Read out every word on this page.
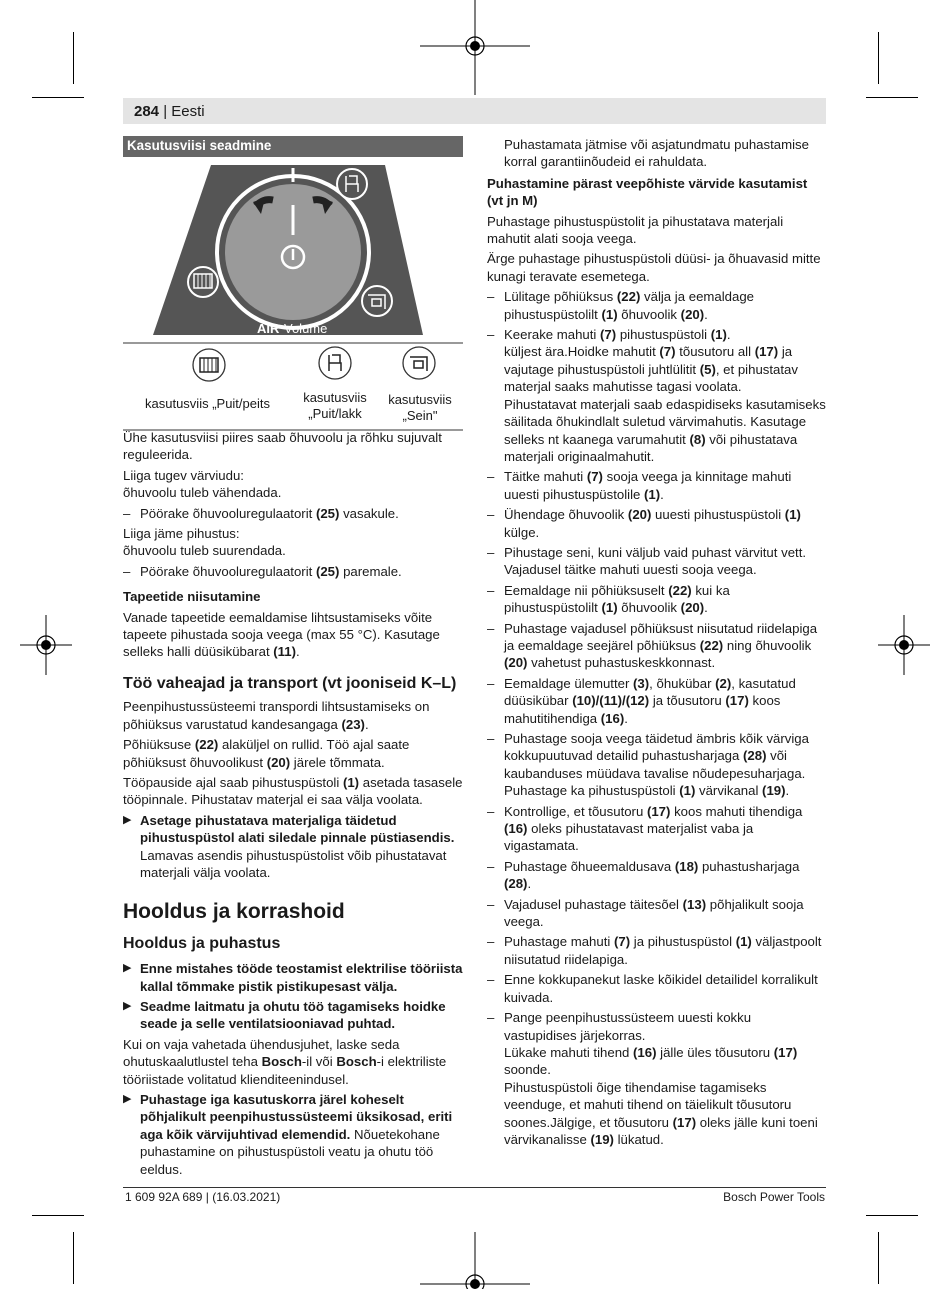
284 | Eesti
Kasutusviisi seadmine
AIR Volume
kasutusviis „Puit/peits	kasutusviis
„Puit/lakk
kasutusviis
„Sein"

Ühe kasutusviisi piires saab õhuvoolu ja rõhku sujuvalt reguleerida.

Liiga tugev värviudu:

õhuvoolu tuleb vähendada.

– Pöörake õhuvooluregulaatorit (25) vasakule.

Liiga jäme pihustus:

õhuvoolu tuleb suurendada.

– Pöörake õhuvooluregulaatorit (25) paremale.
Tapeetide niisutamine

Vanade tapeetide eemaldamise lihtsustamiseks võite tapeete pihustada sooja veega (max 55 °C). Kasutage selleks halli düüsikübarat (11).

Töö vaheajad ja transport (vt jooniseid K–L)

Peenpihustussüsteemi transpordi lihtsustamiseks on põhiüksus varustatud kandesangaga (23).

Põhiüksuse (22) alaküljel on rullid. Töö ajal saate põhiüksust õhuvoolikust (20) järele tõmmata.

Tööpauside ajal saab pihustuspüstoli (1) asetada tasasele tööpinnale. Pihustatav materjal ei saa välja voolata.

▶ Asetage pihustatava materjaliga täidetud pihustuspüstol alati siledale pinnale püstiasendis. Lamavas asendis pihustuspüstolist võib pihustatavat materjali välja voolata.
Hooldus ja korrashoid
Hooldus ja puhastus
▶ Enne mistahes tööde teostamist elektrilise tööriista kallal tõmmake pistik pistikupesast välja.
▶ Seadme laitmatu ja ohutu töö tagamiseks hoidke seade ja selle ventilatsiooniavad puhtad.

Kui on vaja vahetada ühendusjuhet, laske seda ohutuskaalutlustel teha Bosch-il või Bosch-i elektriliste tööriistade volitatud klienditeenindusel.

▶ Puhastage iga kasutuskorra järel koheselt põhjalikult peenpihustussüsteemi üksikosad, eriti aga kõik värvijuhtivad elemendid. Nõuetekohane puhastamine on pihustuspüstoli veatu ja ohutu töö eeldus.

Puhastamata jätmise või asjatundmatu puhastamise korral garantiinõudeid ei rahuldata.

Puhastamine pärast veepõhiste värvide kasutamist (vt jn M)

Puhastage pihustuspüstolit ja pihustatava materjali mahutit alati sooja veega.

Ärge puhastage pihustuspüstoli düüsi- ja õhuavasid mitte kunagi teravate esemetega.

– Lülitage põhiüksus (22) välja ja eemaldage pihustuspüstolilt (1) õhuvoolik (20).
– Keerake mahuti (7) pihustuspüstoli (1).
küljest ära.Hoidke mahutit (7) tõusutoru all (17) ja vajutage pihustuspüstoli juhtlülitit (5), et pihustatav materjal saaks mahutisse tagasi voolata.
Pihustatavat materjali saab edaspidiseks kasutamiseks säilitada õhukindlalt suletud värvimahutis. Kasutage selleks nt kaanega varumahutit (8) või pihustatava materjali originaalmahutit.
– Täitke mahuti (7) sooja veega ja kinnitage mahuti uuesti pihustuspüstolile (1).
– Ühendage õhuvoolik (20) uuesti pihustuspüstoli (1) külge.
– Pihustage seni, kuni väljub vaid puhast värvitut vett. Vajadusel täitke mahuti uuesti sooja veega.
– Eemaldage nii põhiüksuselt (22) kui ka pihustuspüstolilt (1) õhuvoolik (20).
– Puhastage vajadusel põhiüksust niisutatud riidelapiga ja eemaldage seejärel põhiüksus (22) ning õhuvoolik (20) vahetust puhastuskeskkonnast.
– Eemaldage ülemutter (3), õhukübar (2), kasutatud düüsikübar (10)/(11)/(12) ja tõusutoru (17) koos mahutitihendiga (16).
– Puhastage sooja veega täidetud ämbris kõik värviga kokkupuutuvad detailid puhastusharjaga (28) või kaubanduses müüdava tavalise nõudepesuharjaga. Puhastage ka pihustuspüstoli (1) värvikanal (19).
– Kontrollige, et tõusutoru (17) koos mahuti tihendiga (16) oleks pihustatavast materjalist vaba ja vigastamata.
– Puhastage õhueemaldusava (18) puhastusharjaga (28).
– Vajadusel puhastage täitesõel (13) põhjalikult sooja veega.
– Puhastage mahuti (7) ja pihustuspüstol (1) väljastpoolt niisutatud riidelapiga.
– Enne kokkupanekut laske kõikidel detailidel korralikult kuivada.
– Pange peenpihustussüsteem uuesti kokku vastupidises järjekorras.
Lükake mahuti tihend (16) jälle üles tõusutoru (17)
soonde.
Pihustuspüstoli õige tihendamise tagamiseks veenduge, et mahuti tihend on täielikult tõusutoru soones.Jälgige, et tõusutoru (17) oleks jälle kuni toeni värvikanalisse (19) lükatud.
1 609 92A 689 | (16.03.2021)	Bosch Power Tools
